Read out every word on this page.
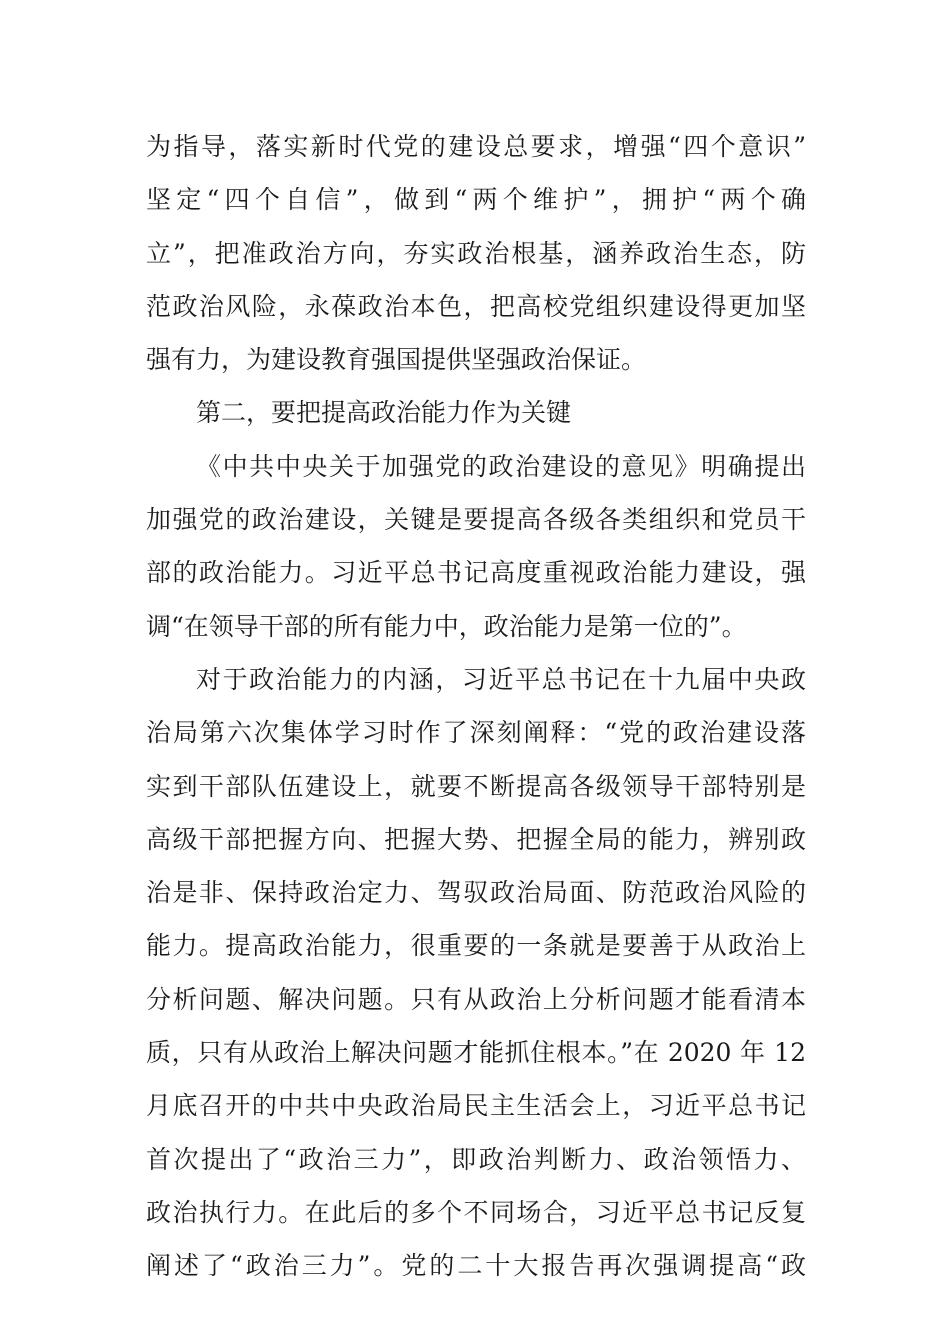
为指导，落实新时代党的建设总要求，增强“四个意识”
坚定“四个自信”，做到“两个维护”，拥护“两个确
立”，把准政治方向，夯实政治根基，涵养政治生态，防
范政治风险，永葆政治本色，把高校党组织建设得更加坚
强有力，为建设教育强国提供坚强政治保证。
第二，要把提高政治能力作为关键
《中共中央关于加强党的政治建设的意见》明确提出
加强党的政治建设，关键是要提高各级各类组织和党员干
部的政治能力。习近平总书记高度重视政治能力建设，强
调“在领导干部的所有能力中，政治能力是第一位的”。
对于政治能力的内涵，习近平总书记在十九届中央政
治局第六次集体学习时作了深刻阐释：“党的政治建设落
实到干部队伍建设上，就要不断提高各级领导干部特别是
高级干部把握方向、把握大势、把握全局的能力，辨别政
治是非、保持政治定力、驾驭政治局面、防范政治风险的
能力。提高政治能力，很重要的一条就是要善于从政治上
分析问题、解决问题。只有从政治上分析问题才能看清本
质，只有从政治上解决问题才能抓住根本。”在 2020 年 12
月底召开的中共中央政治局民主生活会上，习近平总书记
首次提出了“政治三力”，即政治判断力、政治领悟力、
政治执行力。在此后的多个不同场合，习近平总书记反复
阐述了“政治三力”。党的二十大报告再次强调提高“政
